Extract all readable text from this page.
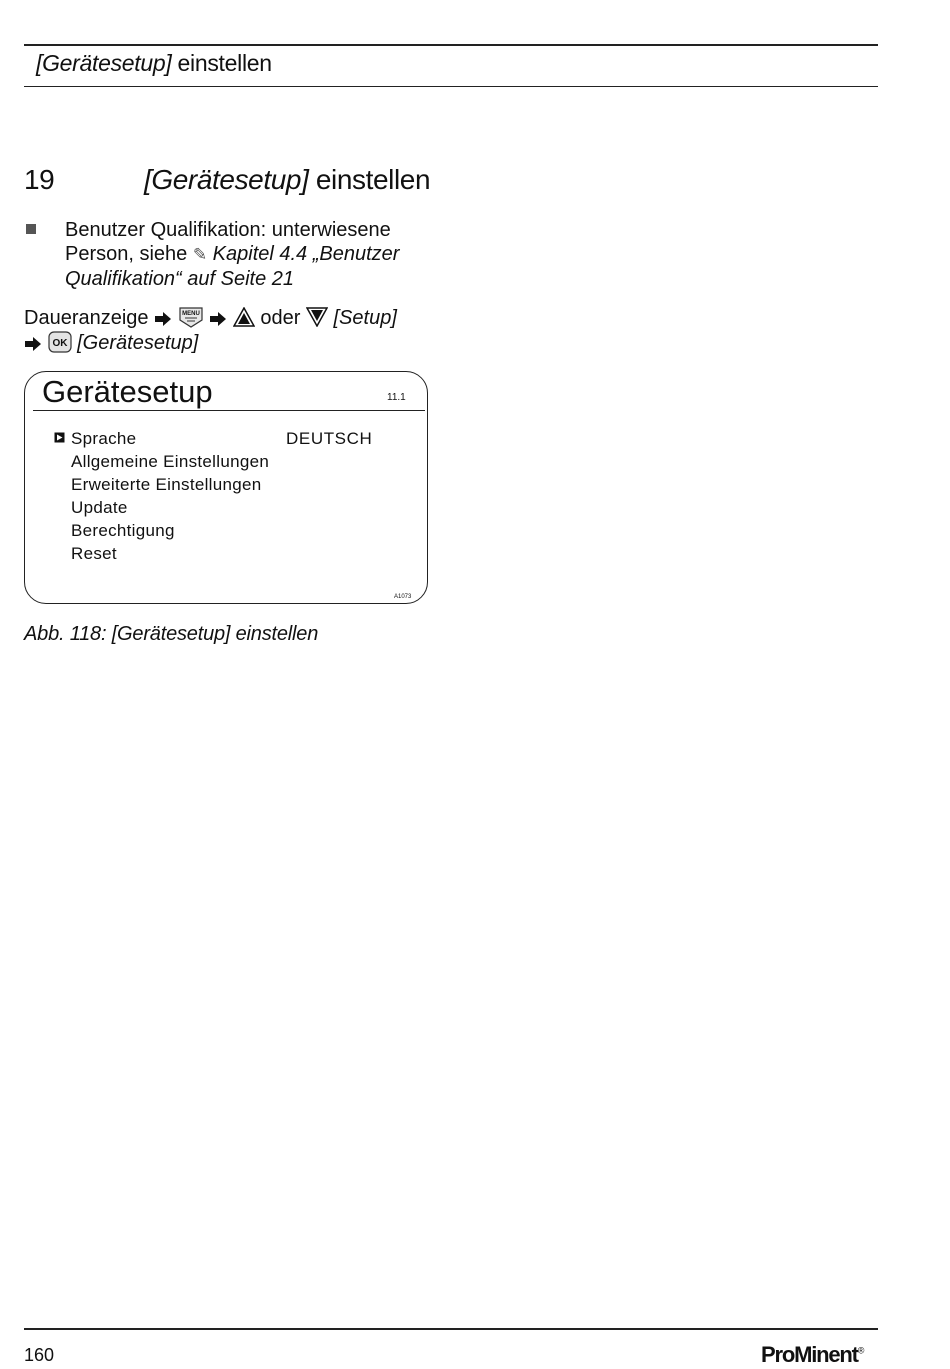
[Gerätesetup] einstellen
19	[Gerätesetup] einstellen
Benutzer Qualifikation: unterwiesene Person, siehe ✎ Kapitel 4.4 „Benutzer Qualifikation“ auf Seite 21
Daueranzeige	MENU	oder [Setup]

OK [Gerätesetup]
Gerätesetup	11.1
Sprache
Allgemeine Einstellungen
Erweiterte Einstellungen
Update
Berechtigung
Reset
DEUTSCH
A1073
Abb. 118: [Gerätesetup] einstellen
160	ProMinent®
